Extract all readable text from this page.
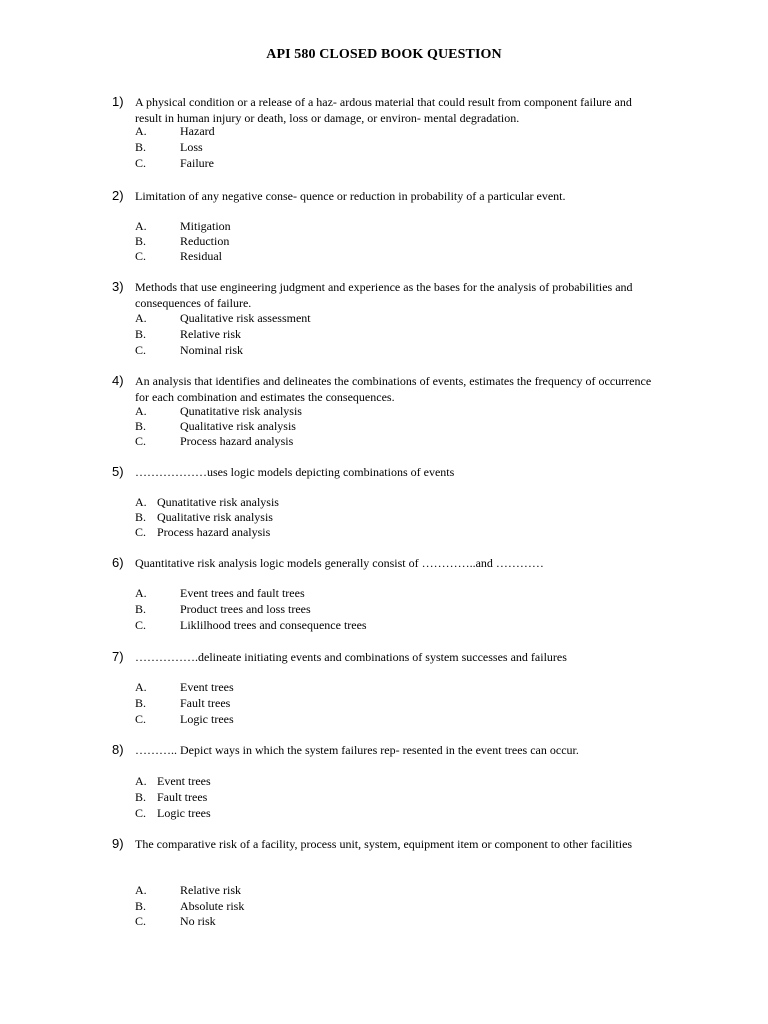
API 580 CLOSED BOOK QUESTION
1) A physical condition or a release of a haz- ardous material that could result from component failure and result in human injury or death, loss or damage, or environ- mental degradation.
A.	Hazard
B.	Loss
C.	Failure
2) Limitation of any negative conse- quence or reduction in probability of a particular event.
A.	Mitigation
B.	Reduction
C.	Residual
3) Methods that use engineering judgment and experience as the bases for the analysis of probabilities and consequences of failure.
A.	Qualitative risk assessment
B.	Relative risk
C.	Nominal risk
4) An analysis that identifies and delineates the combinations of events, estimates the frequency of occurrence for each combination and estimates the consequences.
A.	Qunatitative risk analysis
B.	Qualitative risk analysis
C.	Process hazard analysis
5) ………………uses logic models depicting combinations of events
A. Qunatitative risk analysis
B. Qualitative risk analysis
C. Process hazard analysis
6) Quantitative risk analysis logic models generally consist of …………..and …………
A.	Event trees and fault trees
B.	Product trees and loss trees
C.	Liklilhood trees and consequence trees
7) …………….delineate initiating events and combinations of system successes and failures
A.	Event trees
B.	Fault trees
C.	Logic trees
8) ……….. Depict ways in which the system failures rep- resented in the event trees can occur.
A. Event trees
B. Fault trees
C. Logic trees
9) The comparative risk of a facility, process unit, system, equipment item or component to other facilities
A.	Relative risk
B.	Absolute risk
C.	No risk
